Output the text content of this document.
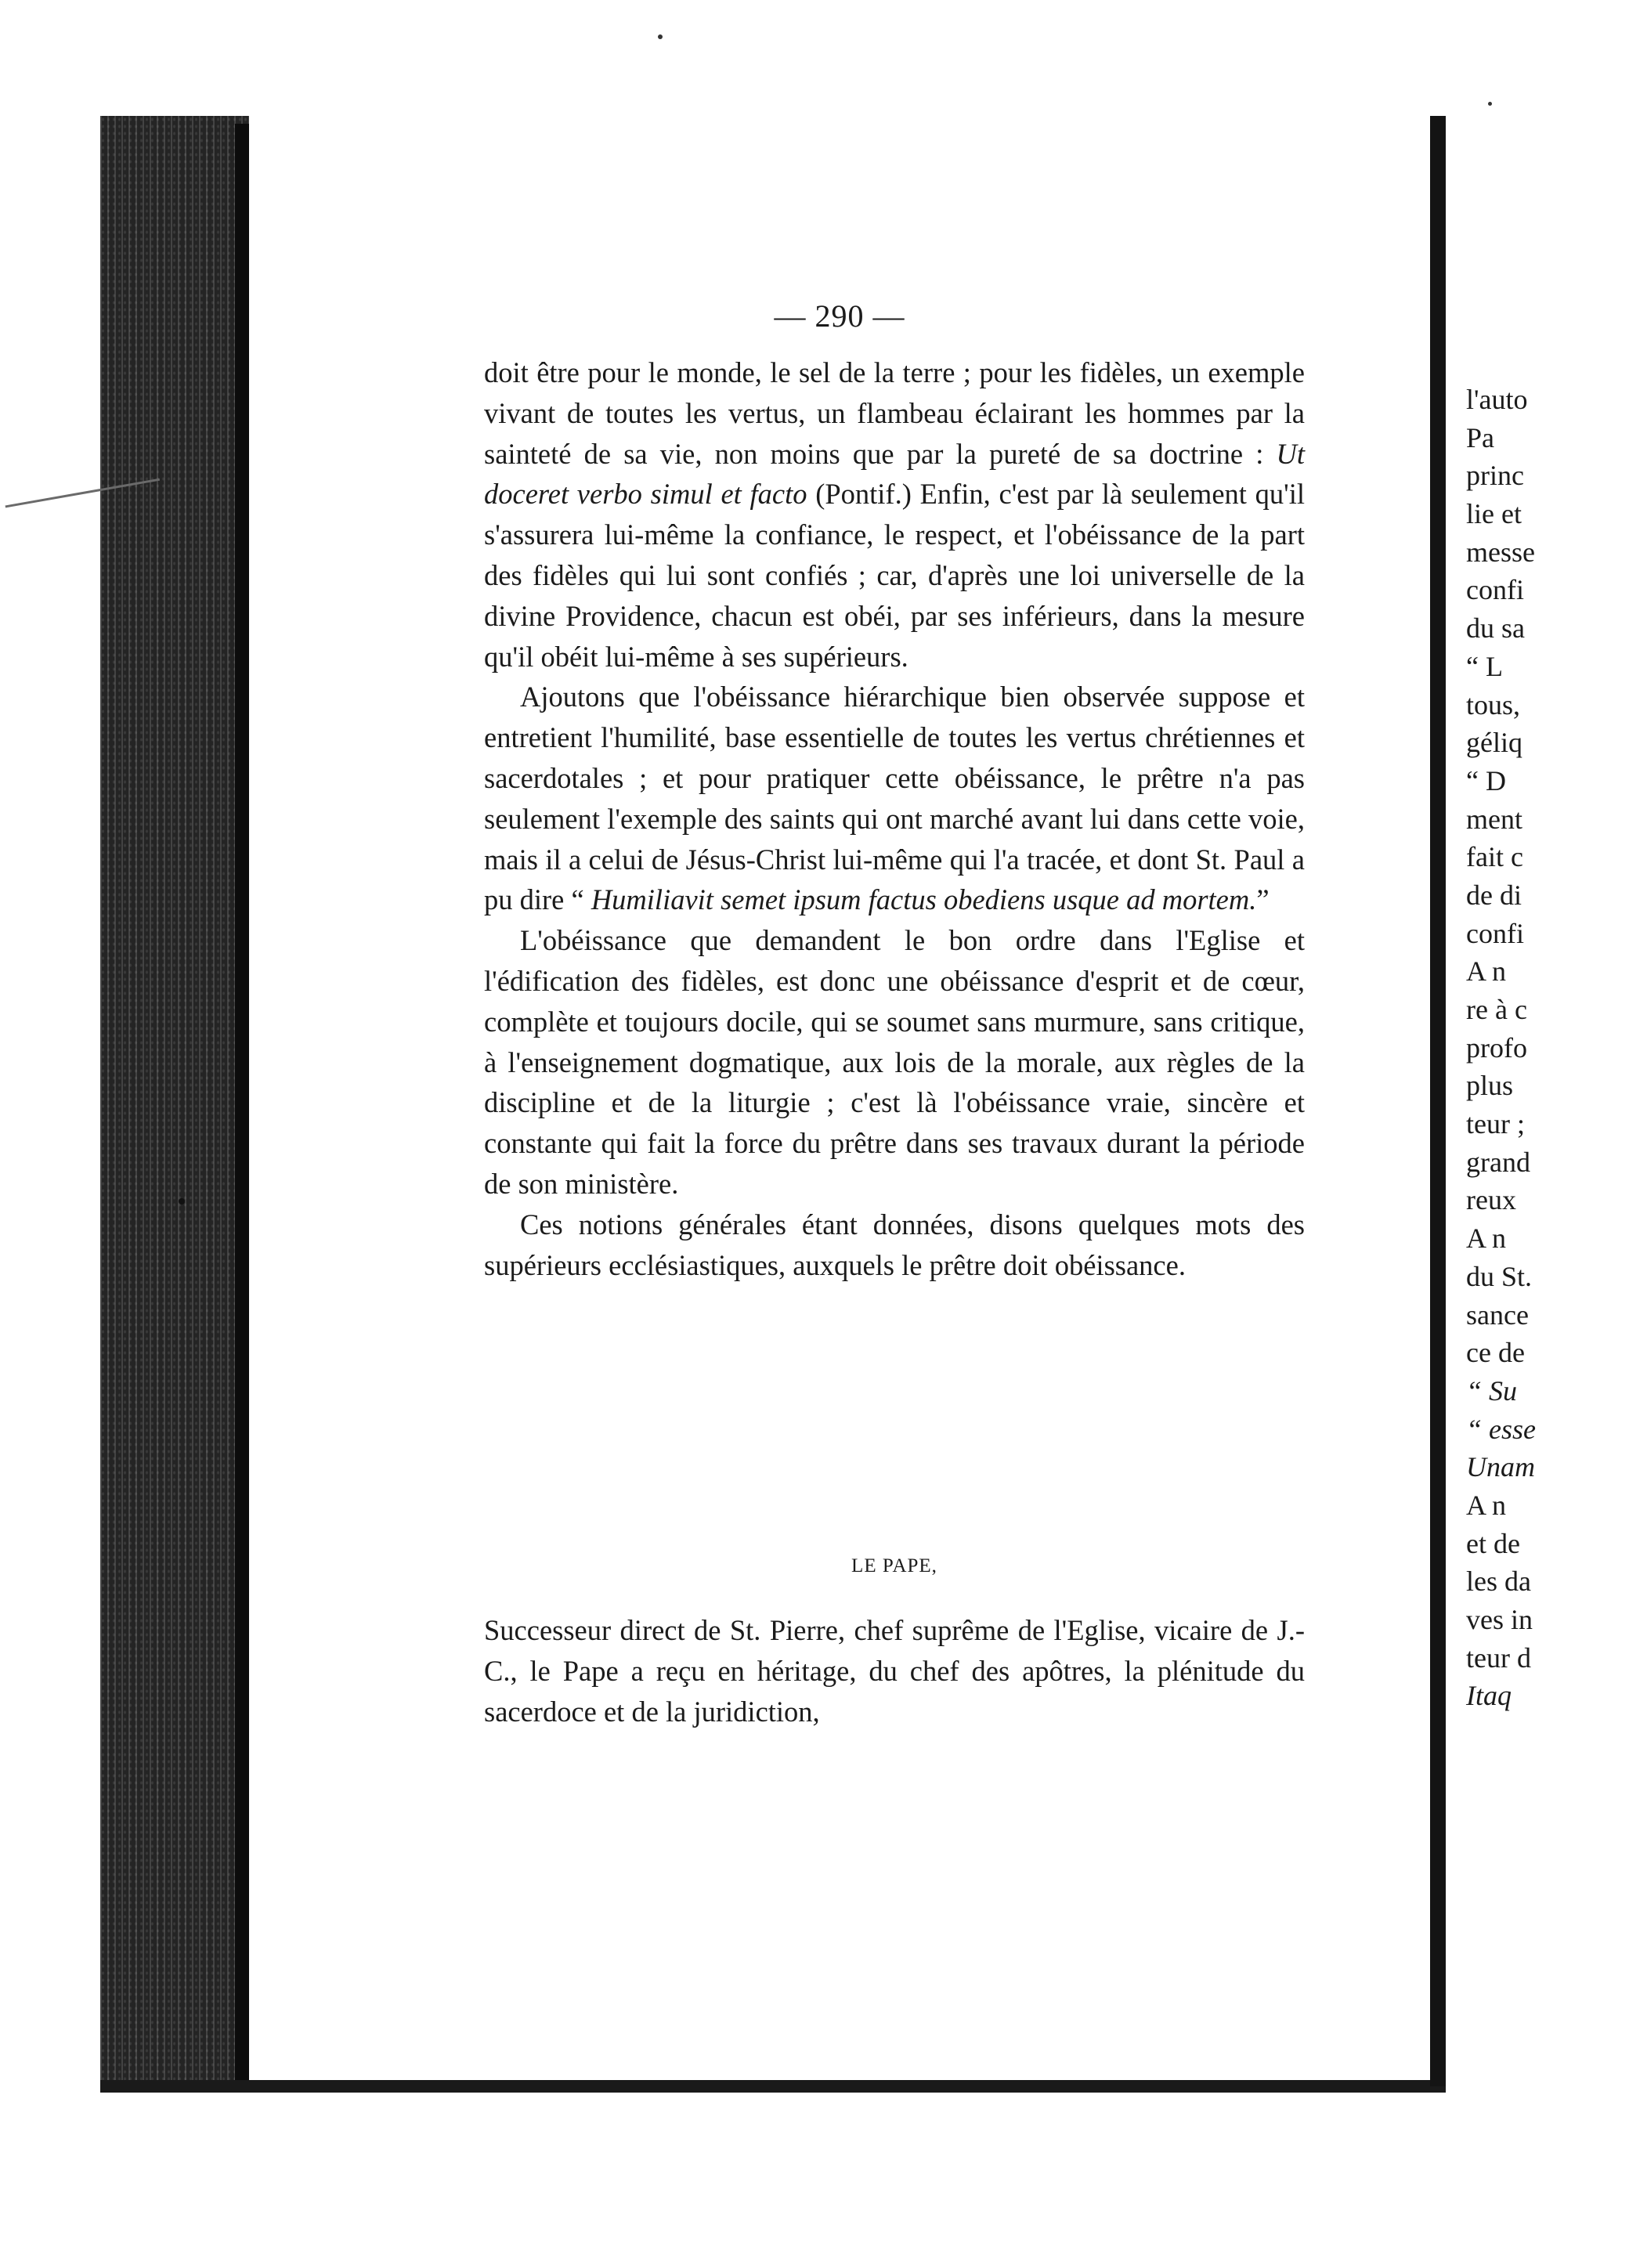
— 290 —

doit être pour le monde, le sel de la terre ; pour les fidèles, un exemple vivant de toutes les vertus, un flambeau éclairant les hommes par la sainteté de sa vie, non moins que par la pureté de sa doctrine : Ut doceret verbo simul et facto (Pontif.) Enfin, c'est par là seulement qu'il s'assurera lui-même la confiance, le respect, et l'obéissance de la part des fidèles qui lui sont confiés ; car, d'après une loi universelle de la divine Providence, chacun est obéi, par ses inférieurs, dans la mesure qu'il obéit lui-même à ses supérieurs.

Ajoutons que l'obéissance hiérarchique bien observée suppose et entretient l'humilité, base essentielle de toutes les vertus chrétiennes et sacerdotales ; et pour pratiquer cette obéissance, le prêtre n'a pas seulement l'exemple des saints qui ont marché avant lui dans cette voie, mais il a celui de Jésus-Christ lui-même qui l'a tracée, et dont St. Paul a pu dire “ Humiliavit semet ipsum factus obediens usque ad mortem.”

L'obéissance que demandent le bon ordre dans l'Eglise et l'édification des fidèles, est donc une obéissance d'esprit et de cœur, complète et toujours docile, qui se soumet sans murmure, sans critique, à l'enseignement dogmatique, aux lois de la morale, aux règles de la discipline et de la liturgie ; c'est là l'obéissance vraie, sincère et constante qui fait la force du prêtre dans ses travaux durant la période de son ministère.

Ces notions générales étant données, disons quelques mots des supérieurs ecclésiastiques, auxquels le prêtre doit obéissance.

LE PAPE,

Successeur direct de St. Pierre, chef suprême de l'Eglise, vicaire de J.-C., le Pape a reçu en héritage, du chef des apôtres, la plénitude du sacerdoce et de la juridiction,

l'auto
Pa
princ
lie et
messe
confi
du sa
“ L
tous,
géliq
“ D
ment
fait c
de di
confi
A n
re à c
profo
plus
teur ;
grand
reux
A n
du St.
sance
ce de
“ Su
“ esse
Unam
A n
et de
les da
ves in
teur d
Itaq
